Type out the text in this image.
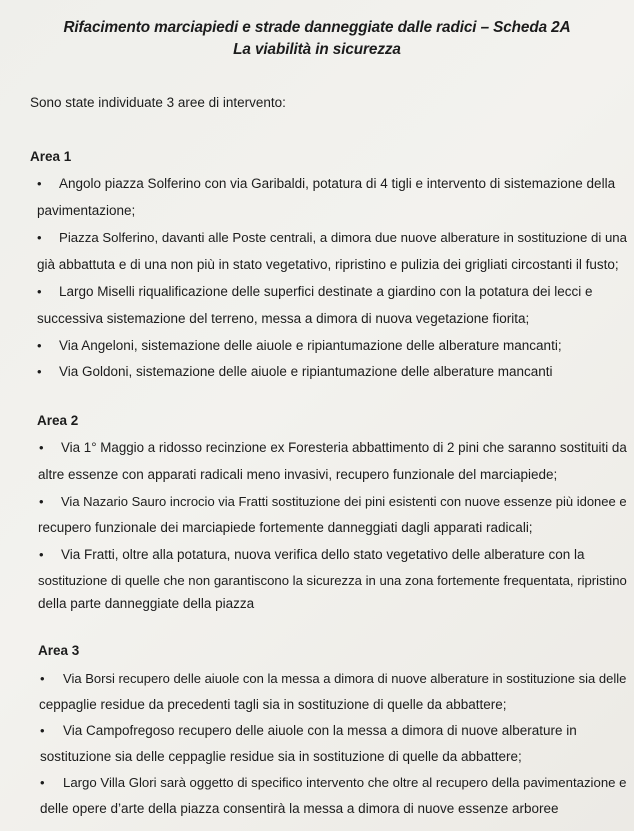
Rifacimento marciapiedi e strade danneggiate dalle radici – Scheda 2A
La viabilità in sicurezza
Sono state individuate 3 aree di intervento:
Area 1
• Angolo piazza Solferino con via Garibaldi, potatura di 4 tigli e intervento di sistemazione della
pavimentazione;
• Piazza Solferino, davanti alle Poste centrali, a dimora due nuove alberature in sostituzione di una
già abbattuta e di una non più in stato vegetativo, ripristino e pulizia dei grigliati circostanti il fusto;
• Largo Miselli riqualificazione delle superfici destinate a giardino con la potatura dei lecci e
successiva sistemazione del terreno, messa a dimora di nuova vegetazione fiorita;
• Via Angeloni, sistemazione delle aiuole e ripiantumazione delle alberature mancanti;
• Via Goldoni, sistemazione delle aiuole e ripiantumazione delle alberature mancanti
Area 2
• Via 1° Maggio a ridosso recinzione ex Foresteria abbattimento di 2 pini che saranno sostituiti da
altre essenze con apparati radicali meno invasivi, recupero funzionale del marciapiede;
• Via Nazario Sauro incrocio via Fratti sostituzione dei pini esistenti con nuove essenze più idonee e
recupero funzionale dei marciapiede fortemente danneggiati dagli apparati radicali;
• Via Fratti, oltre alla potatura, nuova verifica dello stato vegetativo delle alberature con la
sostituzione di quelle che non garantiscono la sicurezza in una zona fortemente frequentata, ripristino
della parte danneggiate della piazza
Area 3
• Via Borsi recupero delle aiuole con la messa a dimora di nuove alberature in sostituzione sia delle
ceppaglie residue da precedenti tagli sia in sostituzione di quelle da abbattere;
• Via Campofregoso recupero delle aiuole con la messa a dimora di nuove alberature in
sostituzione sia delle ceppaglie residue sia in sostituzione di quelle da abbattere;
• Largo Villa Glori sarà oggetto di specifico intervento che oltre al recupero della pavimentazione e
delle opere d’arte della piazza consentirà la messa a dimora di nuove essenze arboree
